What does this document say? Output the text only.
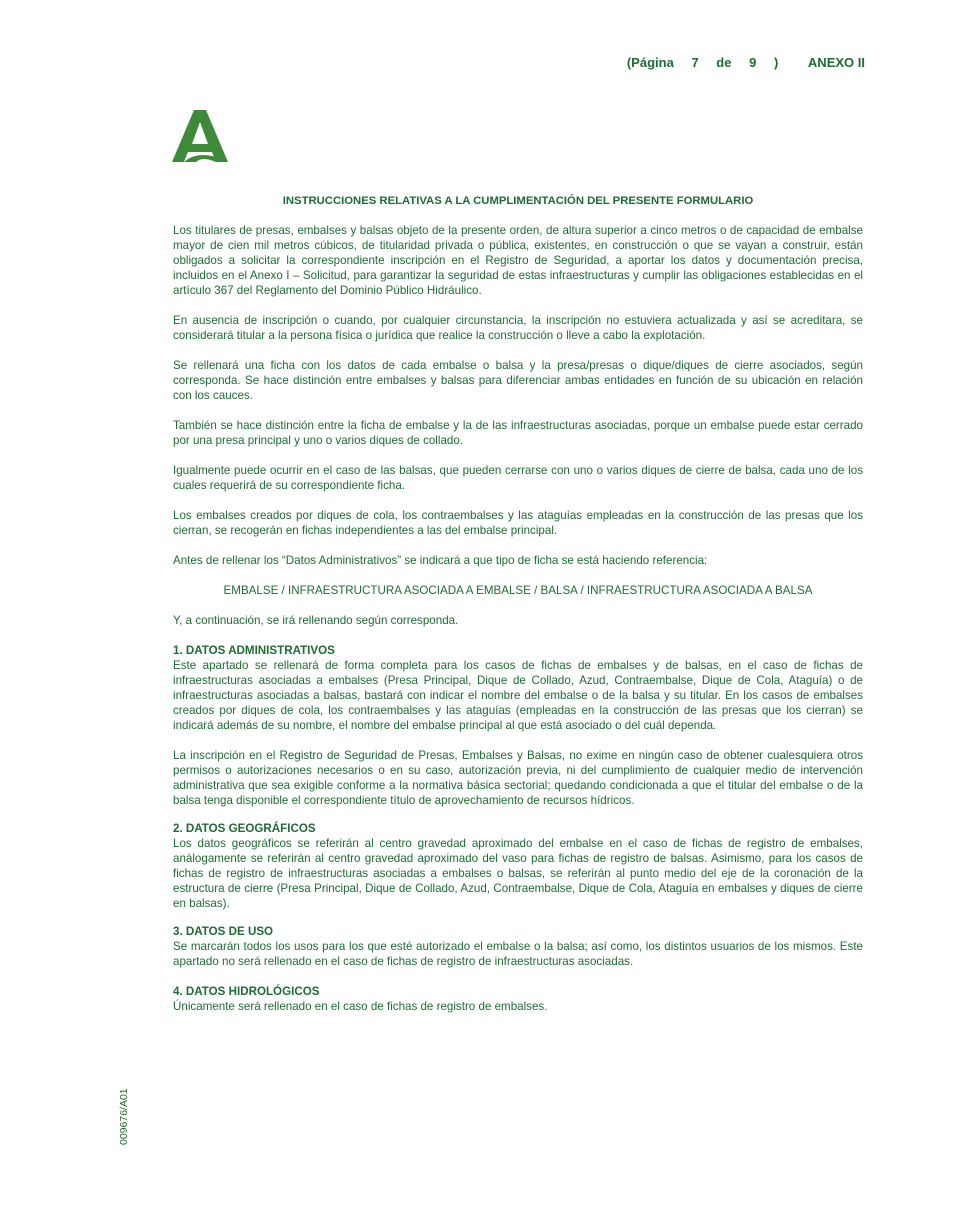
(Página 7 de 9 ) ANEXO II
INSTRUCCIONES RELATIVAS A LA CUMPLIMENTACIÓN DEL PRESENTE FORMULARIO

Los titulares de presas, embalses y balsas objeto de la presente orden, de altura superior a cinco metros o de capacidad de embalse mayor de cien mil metros cúbicos, de titularidad privada o pública, existentes, en construcción o que se vayan a construir, están obligados a solicitar la correspondiente inscripción en el Registro de Seguridad, a aportar los datos y documentación precisa, incluidos en el Anexo I – Solicitud, para garantizar la seguridad de estas infraestructuras y cumplir las obligaciones establecidas en el artículo 367 del Reglamento del Dominio Público Hidráulico.

En ausencia de inscripción o cuando, por cualquier circunstancia, la inscripción no estuviera actualizada y así se acreditara, se considerará titular a la persona física o jurídica que realice la construcción o lleve a cabo la explotación.

Se rellenará una ficha con los datos de cada embalse o balsa y la presa/presas o dique/diques de cierre asociados, según corresponda. Se hace distinción entre embalses y balsas para diferenciar ambas entidades en función de su ubicación en relación con los cauces.

También se hace distinción entre la ficha de embalse y la de las infraestructuras asociadas, porque un embalse puede estar cerrado por una presa principal y uno o varios diques de collado.

Igualmente puede ocurrir en el caso de las balsas, que pueden cerrarse con uno o varios diques de cierre de balsa, cada uno de los cuales requerirá de su correspondiente ficha.

Los embalses creados por diques de cola, los contraembalses y las ataguías empleadas en la construcción de las presas que los cierran, se recogerán en fichas independientes a las del embalse principal.

Antes de rellenar los “Datos Administrativos” se indicará a que tipo de ficha se está haciendo referencia:

EMBALSE / INFRAESTRUCTURA ASOCIADA A EMBALSE / BALSA / INFRAESTRUCTURA ASOCIADA A BALSA

Y, a continuación, se irá rellenando según corresponda.

1. DATOS ADMINISTRATIVOS

Este apartado se rellenará de forma completa para los casos de fichas de embalses y de balsas, en el caso de fichas de infraestructuras asociadas a embalses (Presa Principal, Dique de Collado, Azud, Contraembalse, Dique de Cola, Ataguía) o de infraestructuras asociadas a balsas, bastará con indicar el nombre del embalse o de la balsa y su titular. En los casos de embalses creados por diques de cola, los contraembalses y las ataguías (empleadas en la construcción de las presas que los cierran) se indicará además de su nombre, el nombre del embalse principal al que está asociado o del cuál dependa.

La inscripción en el Registro de Seguridad de Presas, Embalses y Balsas, no exime en ningún caso de obtener cualesquiera otros permisos o autorizaciones necesarios o en su caso, autorización previa, ni del cumplimiento de cualquier medio de intervención administrativa que sea exigible conforme a la normativa básica sectorial; quedando condicionada a que el titular del embalse o de la balsa tenga disponible el correspondiente título de aprovechamiento de recursos hídricos.

2. DATOS GEOGRÁFICOS

Los datos geográficos se referirán al centro gravedad aproximado del embalse en el caso de fichas de registro de embalses, análogamente se referirán al centro gravedad aproximado del vaso para fichas de registro de balsas. Asimismo, para los casos de fichas de registro de infraestructuras asociadas a embalses o balsas, se referirán al punto medio del eje de la coronación de la estructura de cierre (Presa Principal, Dique de Collado, Azud, Contraembalse, Dique de Cola, Ataguía en embalses y diques de cierre en balsas).

3. DATOS DE USO

Se marcarán todos los usos para los que esté autorizado el embalse o la balsa; así como, los distintos usuarios de los mismos. Este apartado no será rellenado en el caso de fichas de registro de infraestructuras asociadas.

4. DATOS HIDROLÓGICOS

Únicamente será rellenado en el caso de fichas de registro de embalses.

009676/A01
